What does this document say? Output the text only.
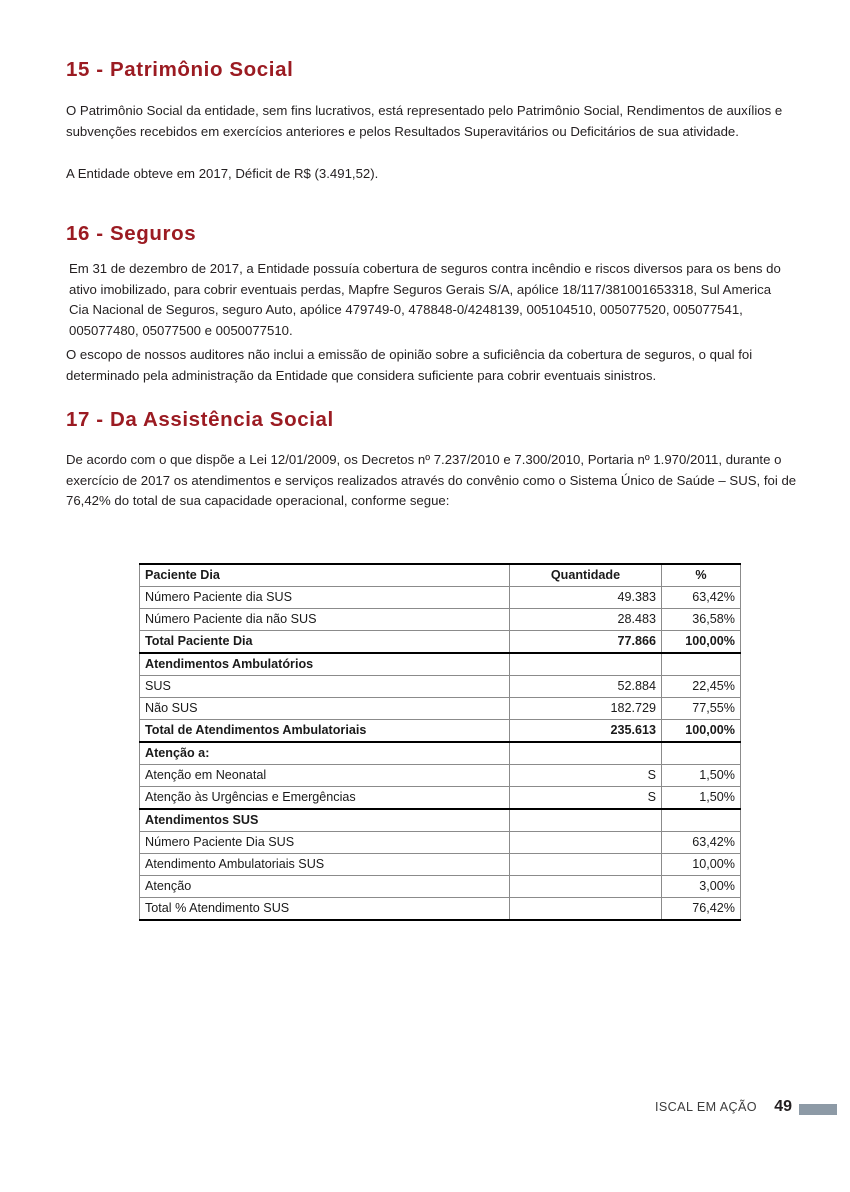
15 - Patrimônio Social
O Patrimônio Social da entidade, sem fins lucrativos, está representado pelo Patrimônio Social, Rendimentos de auxílios e subvenções recebidos em exercícios anteriores e pelos Resultados Superavitários ou Deficitários de sua atividade.
A Entidade obteve em 2017, Déficit de R$ (3.491,52).
16 - Seguros
Em 31 de dezembro de 2017, a Entidade possuía cobertura de seguros contra incêndio e riscos diversos para os bens do ativo imobilizado, para cobrir eventuais perdas, Mapfre Seguros Gerais S/A, apólice 18/117/381001653318, Sul America Cia Nacional de Seguros, seguro Auto, apólice 479749-0, 478848-0/4248139, 005104510, 005077520, 005077541, 005077480, 05077500 e 0050077510.
O escopo de nossos auditores não inclui a emissão de opinião sobre a suficiência da cobertura de seguros, o qual foi determinado pela administração da Entidade que considera suficiente para cobrir eventuais sinistros.
17 - Da Assistência Social
De acordo com o que dispõe a Lei 12/01/2009, os Decretos nº 7.237/2010 e 7.300/2010, Portaria nº 1.970/2011, durante o exercício de 2017 os atendimentos e serviços realizados através do convênio como o Sistema Único de Saúde – SUS, foi de 76,42% do total de sua capacidade operacional, conforme segue:
Paciente Dia	Quantidade	%
Número Paciente dia SUS	49.383	63,42%
Número Paciente dia não SUS	28.483	36,58%
Total Paciente Dia	77.866	100,00%
Atendimentos Ambulatórios		
SUS	52.884	22,45%
Não SUS	182.729	77,55%
Total de Atendimentos Ambulatoriais	235.613	100,00%
Atenção a:		
Atenção em Neonatal	S	1,50%
Atenção às Urgências e Emergências	S	1,50%
Atendimentos SUS		
Número Paciente Dia SUS		63,42%
Atendimento Ambulatoriais SUS		10,00%
Atenção		3,00%
Total % Atendimento SUS		76,42%
ISCAL EM AÇÃO 49
